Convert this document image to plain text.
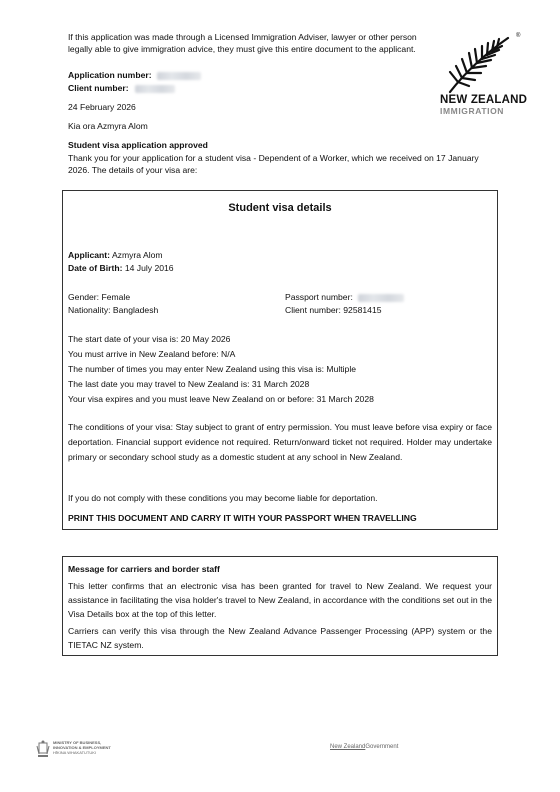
If this application was made through a Licensed Immigration Adviser, lawyer or other person legally able to give immigration advice, they must give this entire document to the applicant.
®
NEW ZEALAND
IMMIGRATION
Application number:
Client number:
24 February 2026
Kia ora Azmyra Alom
Student visa application approved
Thank you for your application for a student visa - Dependent of a Worker, which we received on 17 January 2026. The details of your visa are:
Student visa details
Applicant: Azmyra Alom
Date of Birth: 14 July 2016
Gender: Female
Nationality: Bangladesh
Passport number:
Client number: 92581415
The start date of your visa is: 20 May 2026
You must arrive in New Zealand before: N/A
The number of times you may enter New Zealand using this visa is: Multiple
The last date you may travel to New Zealand is: 31 March 2028
Your visa expires and you must leave New Zealand on or before: 31 March 2028
The conditions of your visa: Stay subject to grant of entry permission. You must leave before visa expiry or face deportation. Financial support evidence not required. Return/onward ticket not required. Holder may undertake primary or secondary school study as a domestic student at any school in New Zealand.
If you do not comply with these conditions you may become liable for deportation.
PRINT THIS DOCUMENT AND CARRY IT WITH YOUR PASSPORT WHEN TRAVELLING
Message for carriers and border staff
This letter confirms that an electronic visa has been granted for travel to New Zealand. We request your assistance in facilitating the visa holder's travel to New Zealand, in accordance with the conditions set out in the Visa Details box at the top of this letter.
Carriers can verify this visa through the New Zealand Advance Passenger Processing (APP) system or the TIETAC NZ system.
MINISTRY OF BUSINESS,
INNOVATION & EMPLOYMENT
HĪKINA WHAKATUTUKI
New ZealandGovernment
